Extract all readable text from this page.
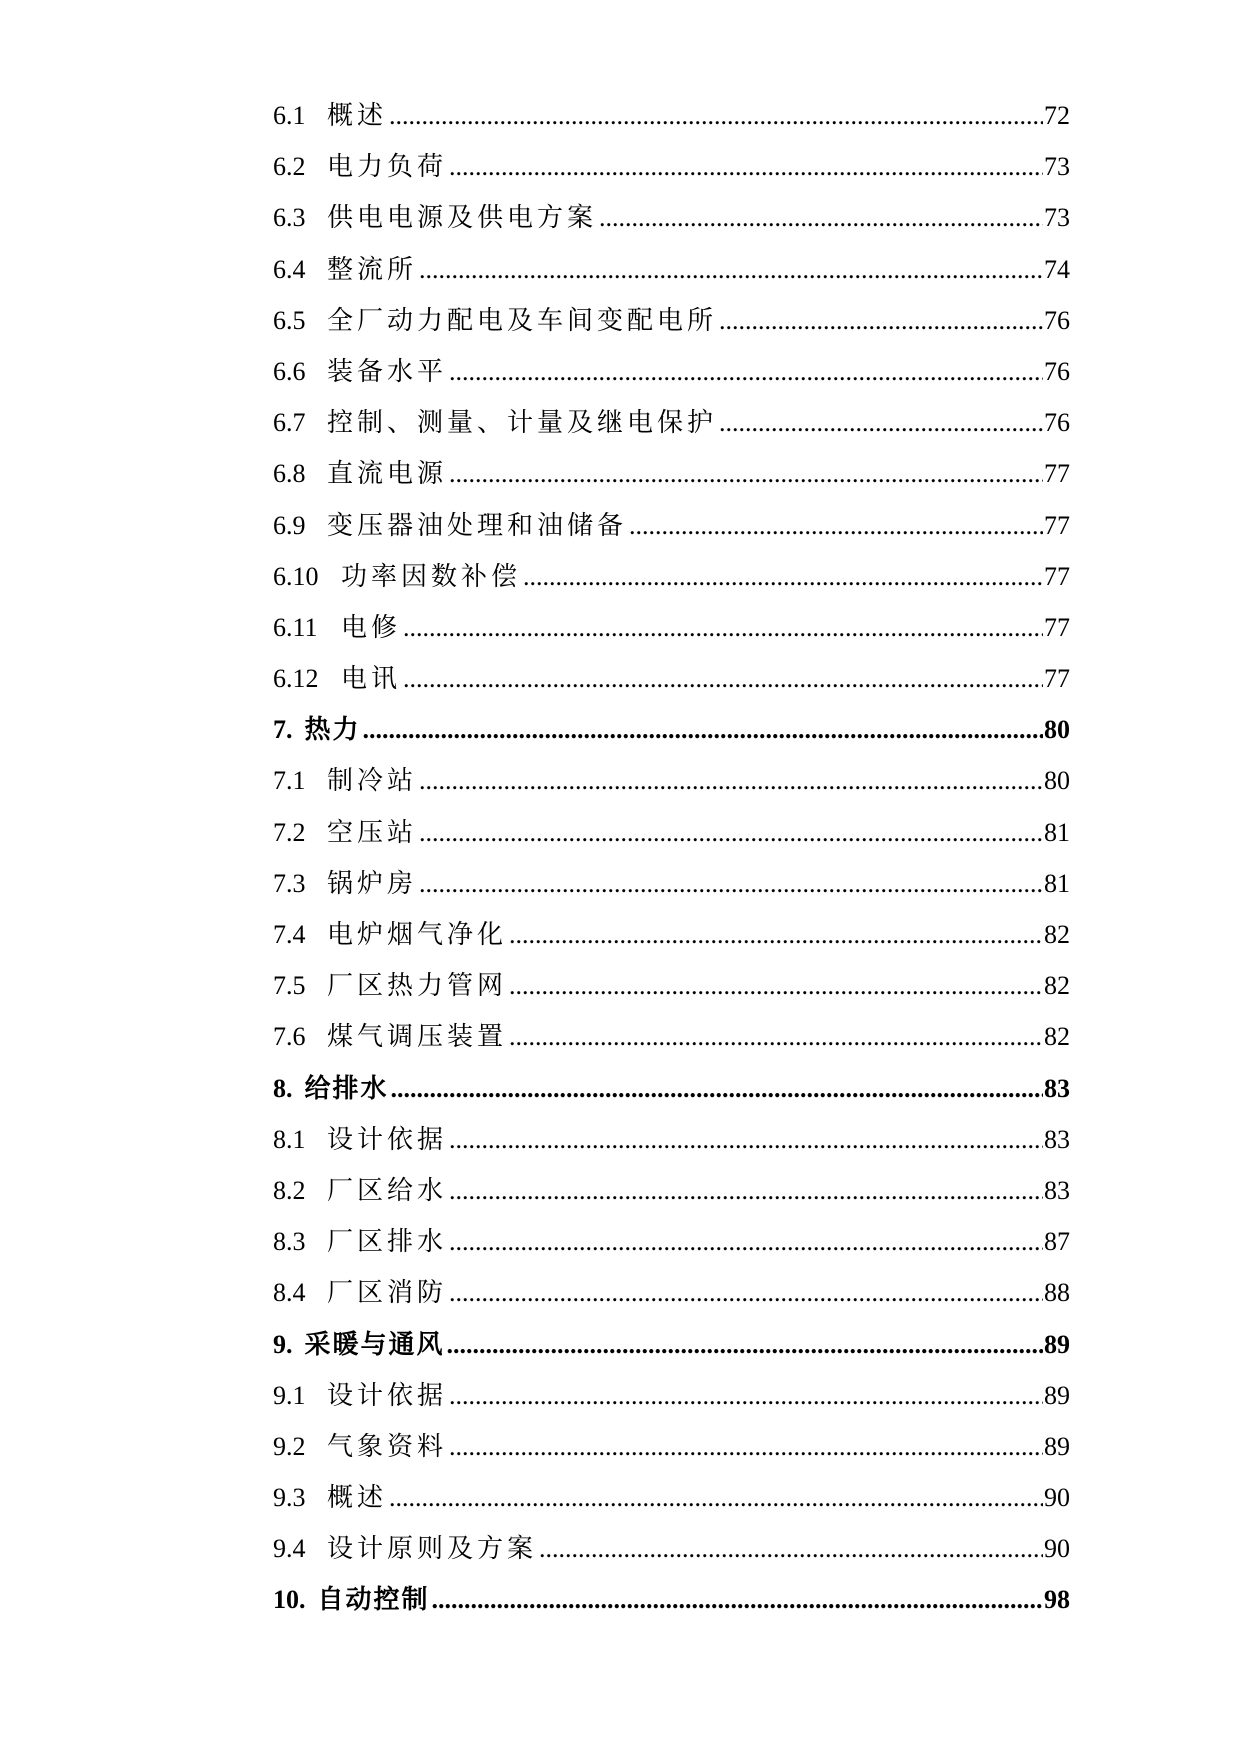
6.1 概述 .....	72
6.2 电力负荷 .....	73
6.3 供电电源及供电方案 .....	73
6.4 整流所 .....	74
6.5 全厂动力配电及车间变配电所 .....	76
6.6 装备水平 .....	76
6.7 控制、测量、计量及继电保护 .....	76
6.8 直流电源 .....	77
6.9 变压器油处理和油储备 .....	77
6.10 功率因数补偿 .....	77
6.11 电修 .....	77
6.12 电讯 .....	77
7. 热力 .....	80
7.1 制冷站 .....	80
7.2 空压站 .....	81
7.3 锅炉房 .....	81
7.4 电炉烟气净化 .....	82
7.5 厂区热力管网 .....	82
7.6 煤气调压装置 .....	82
8. 给排水 .....	83
8.1 设计依据 .....	83
8.2 厂区给水 .....	83
8.3 厂区排水 .....	87
8.4 厂区消防 .....	88
9. 采暖与通风 .....	89
9.1 设计依据 .....	89
9.2 气象资料 .....	89
9.3 概述 .....	90
9.4 设计原则及方案 .....	90
10. 自动控制 .....	98
